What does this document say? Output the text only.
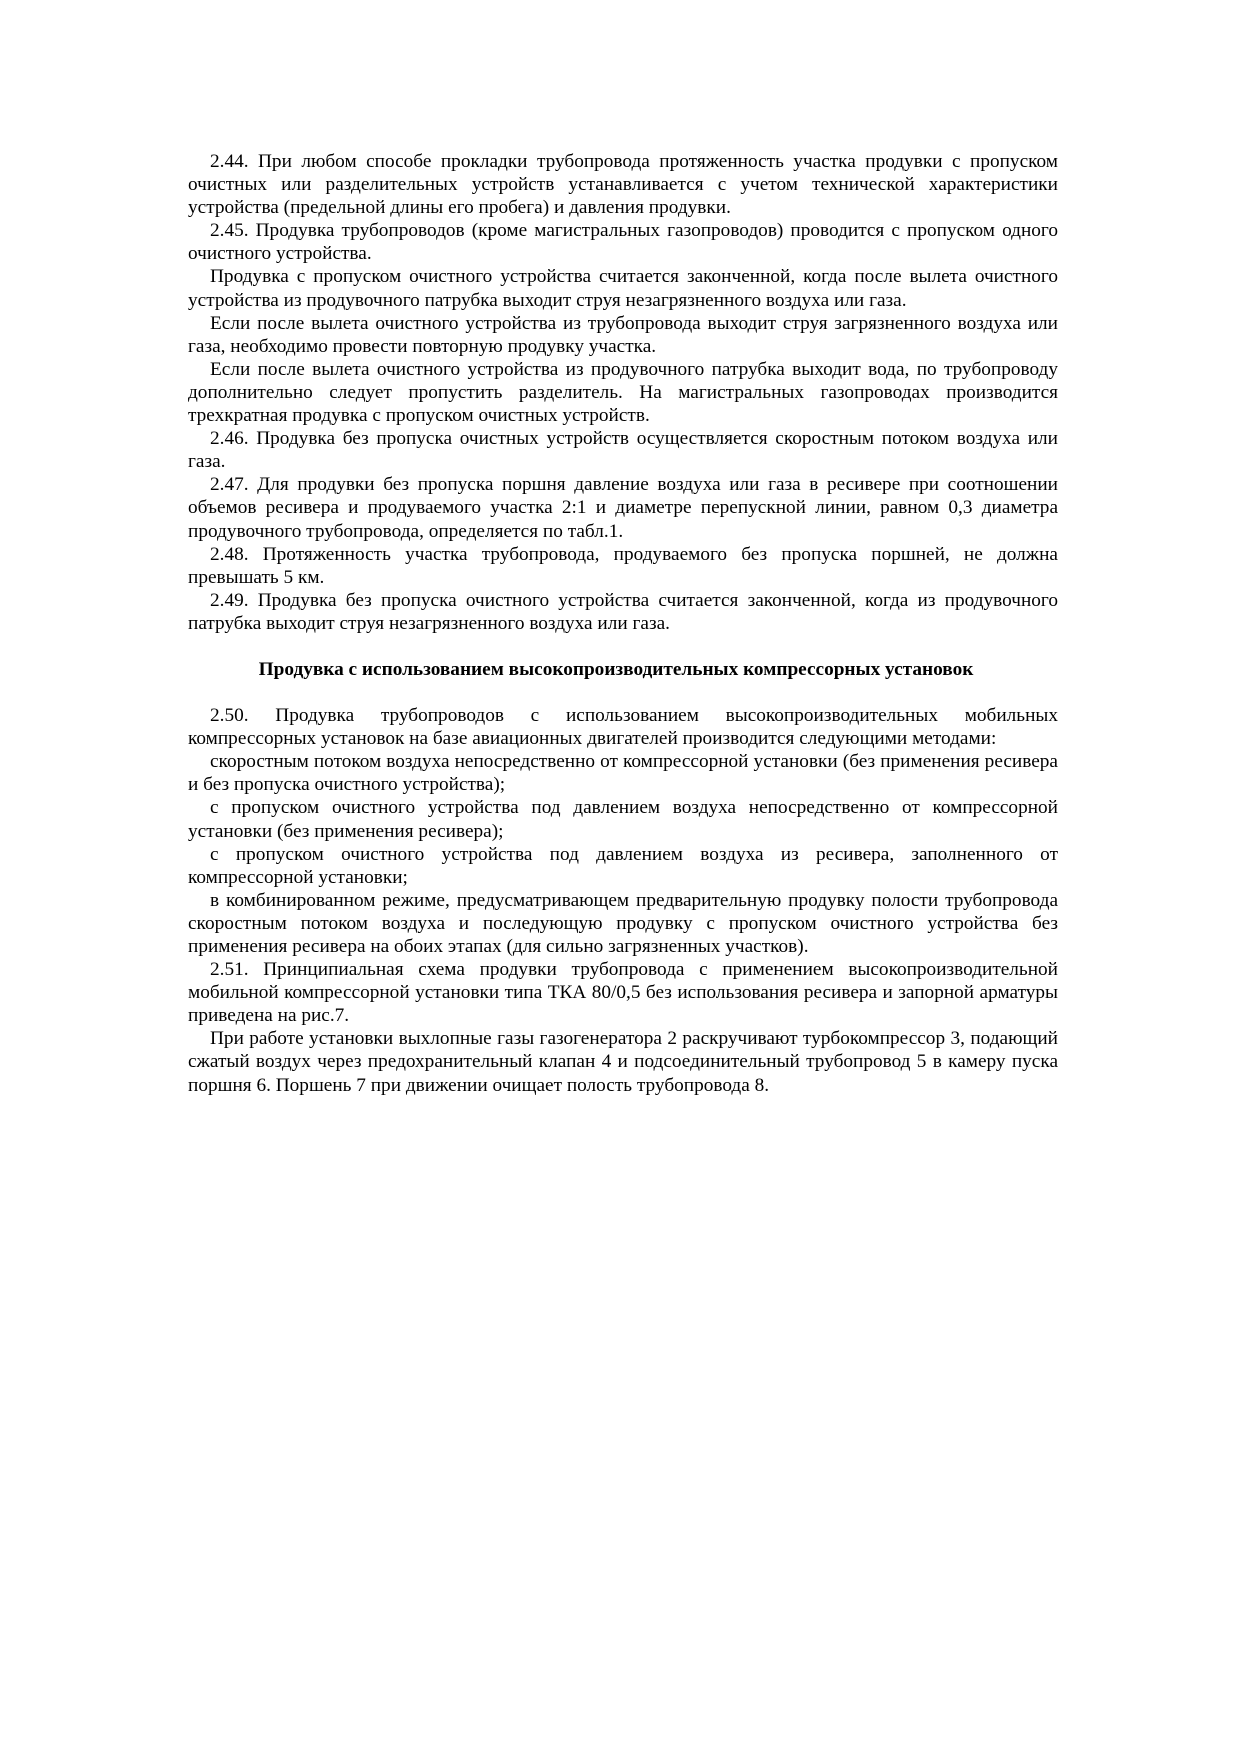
2.44. При любом способе прокладки трубопровода протяженность участка продувки с пропуском очистных или разделительных устройств устанавливается с учетом технической характеристики устройства (предельной длины его пробега) и давления продувки.

2.45. Продувка трубопроводов (кроме магистральных газопроводов) проводится с пропуском одного очистного устройства.

Продувка с пропуском очистного устройства считается законченной, когда после вылета очистного устройства из продувочного патрубка выходит струя незагрязненного воздуха или газа.

Если после вылета очистного устройства из трубопровода выходит струя загрязненного воздуха или газа, необходимо провести повторную продувку участка.

Если после вылета очистного устройства из продувочного патрубка выходит вода, по трубопроводу дополнительно следует пропустить разделитель. На магистральных газопроводах производится трехкратная продувка с пропуском очистных устройств.

2.46. Продувка без пропуска очистных устройств осуществляется скоростным потоком воздуха или газа.

2.47. Для продувки без пропуска поршня давление воздуха или газа в ресивере при соотношении объемов ресивера и продуваемого участка 2:1 и диаметре перепускной линии, равном 0,3 диаметра продувочного трубопровода, определяется по табл.1.

2.48. Протяженность участка трубопровода, продуваемого без пропуска поршней, не должна превышать 5 км.

2.49. Продувка без пропуска очистного устройства считается законченной, когда из продувочного патрубка выходит струя незагрязненного воздуха или газа.

Продувка с использованием высокопроизводительных компрессорных установок

2.50. Продувка трубопроводов с использованием высокопроизводительных мобильных компрессорных установок на базе авиационных двигателей производится следующими методами:

скоростным потоком воздуха непосредственно от компрессорной установки (без применения ресивера и без пропуска очистного устройства);

с пропуском очистного устройства под давлением воздуха непосредственно от компрессорной установки (без применения ресивера);

с пропуском очистного устройства под давлением воздуха из ресивера, заполненного от компрессорной установки;

в комбинированном режиме, предусматривающем предварительную продувку полости трубопровода скоростным потоком воздуха и последующую продувку с пропуском очистного устройства без применения ресивера на обоих этапах (для сильно загрязненных участков).

2.51. Принципиальная схема продувки трубопровода с применением высокопроизводительной мобильной компрессорной установки типа ТКА 80/0,5 без использования ресивера и запорной арматуры приведена на рис.7.

При работе установки выхлопные газы газогенератора 2 раскручивают турбокомпрессор 3, подающий сжатый воздух через предохранительный клапан 4 и подсоединительный трубопровод 5 в камеру пуска поршня 6. Поршень 7 при движении очищает полость трубопровода 8.
